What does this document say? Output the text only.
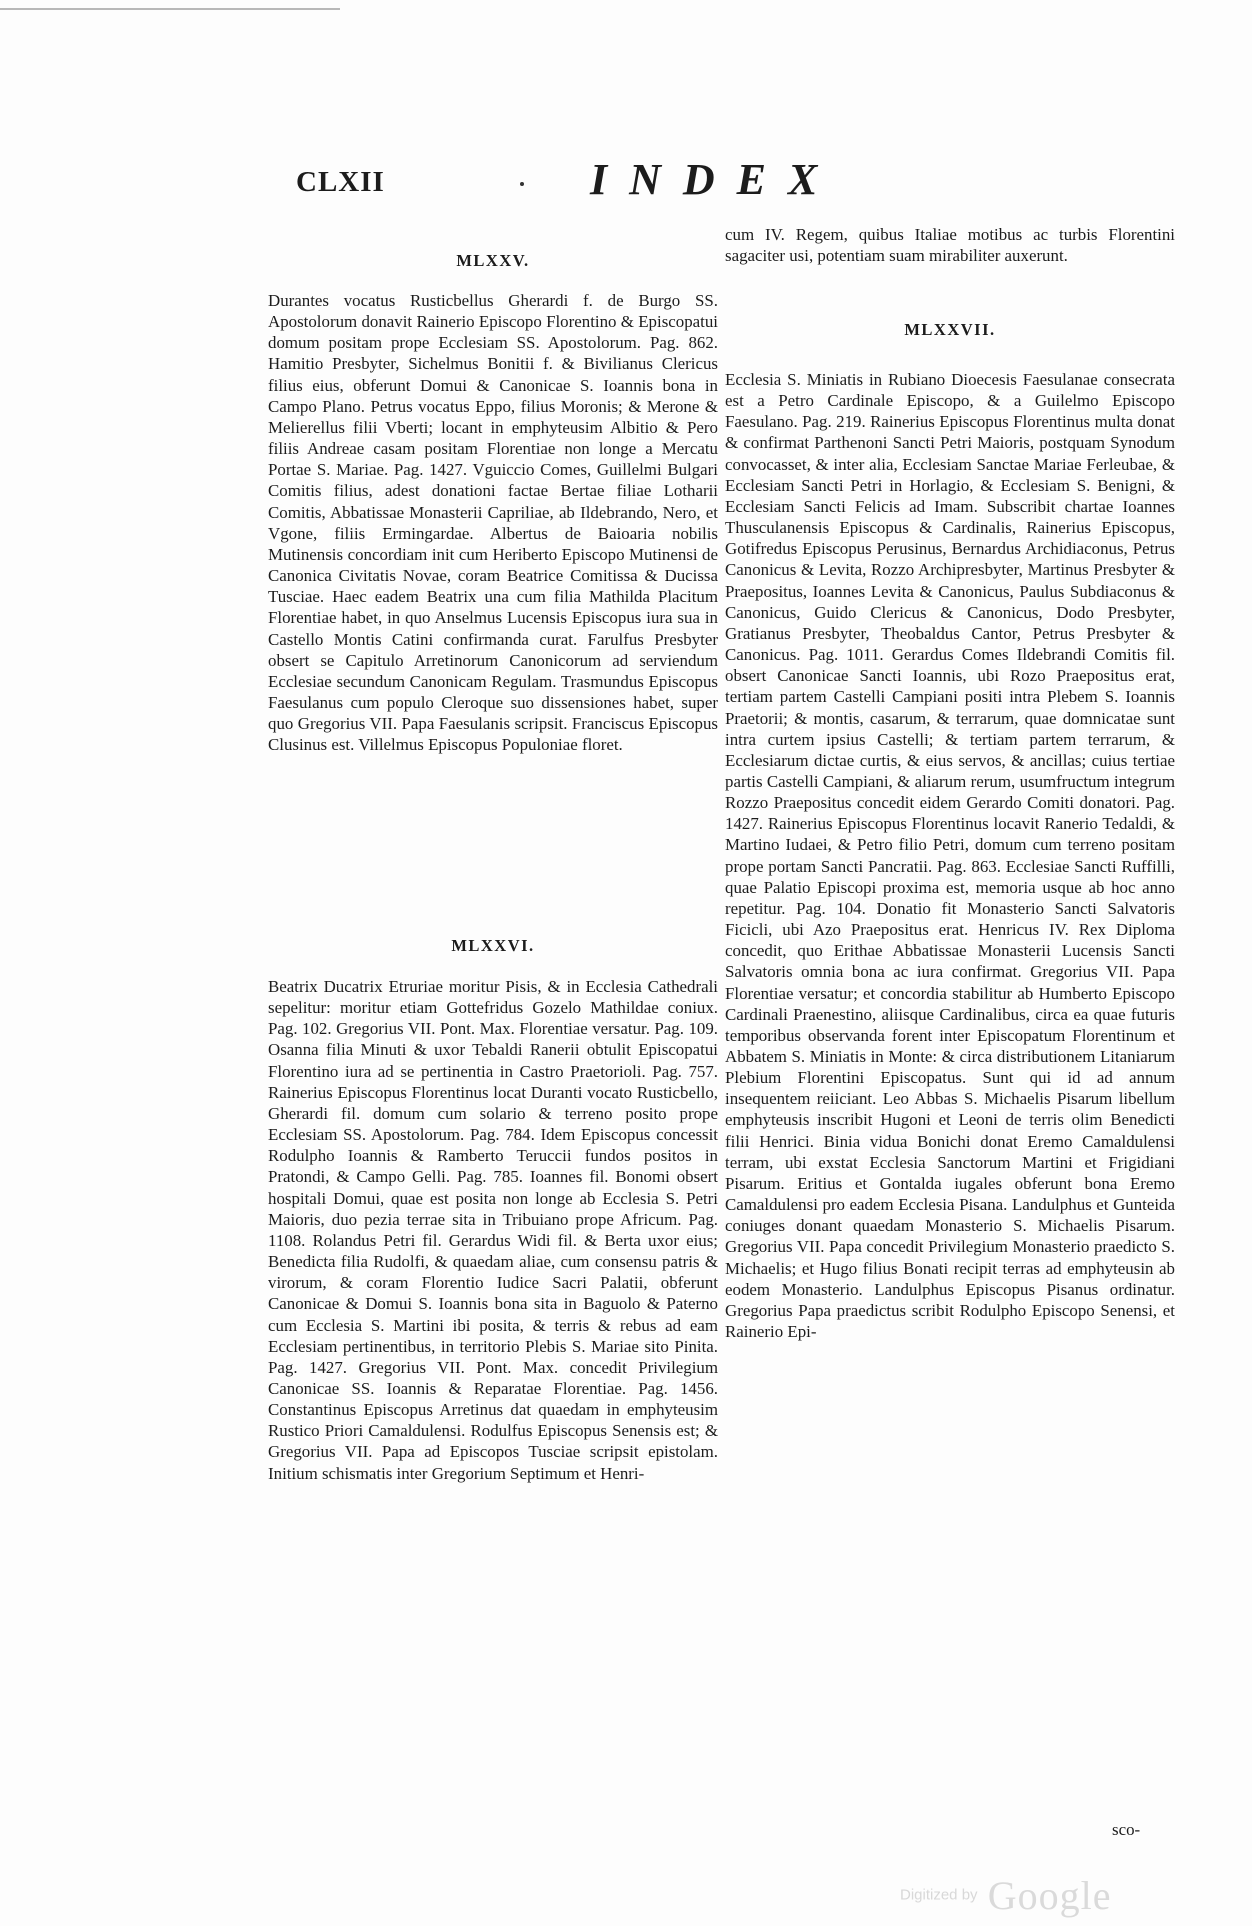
CLXII	INDEX
MLXXV.
Durantes vocatus Rusticbellus Gherardi f. de Burgo SS. Apostolorum donavit Rainerio Episcopo Florentino & Episcopatui domum positam prope Ecclesiam SS. Apostolorum. Pag. 862. Hamitio Presbyter, Sichelmus Bonitii f. & Bivilianus Clericus filius eius, obferunt Domui & Canonicae S. Ioannis bona in Campo Plano. Petrus vocatus Eppo, filius Moronis; & Merone & Melierellus filii Vberti; locant in emphyteusim Albitio & Pero filiis Andreae casam positam Florentiae non longe a Mercatu Portae S. Mariae. Pag. 1427. Vguiccio Comes, Guillelmi Bulgari Comitis filius, adest donationi factae Bertae filiae Lotharii Comitis, Abbatissae Monasterii Capriliae, ab Ildebrando, Nero, et Vgone, filiis Ermingardae. Albertus de Baioaria nobilis Mutinensis concordiam init cum Heriberto Episcopo Mutinensi de Canonica Civitatis Novae, coram Beatrice Comitissa & Ducissa Tusciae. Haec eadem Beatrix una cum filia Mathilda Placitum Florentiae habet, in quo Anselmus Lucensis Episcopus iura sua in Castello Montis Catini confirmanda curat. Farulfus Presbyter obsert se Capitulo Arretinorum Canonicorum ad serviendum Ecclesiae secundum Canonicam Regulam. Trasmundus Episcopus Faesulanus cum populo Cleroque suo dissensiones habet, super quo Gregorius VII. Papa Faesulanis scripsit. Franciscus Episcopus Clusinus est. Villelmus Episcopus Populoniae floret.
MLXXVI.
Beatrix Ducatrix Etruriae moritur Pisis, & in Ecclesia Cathedrali sepelitur: moritur etiam Gottefridus Gozelo Mathildae coniux. Pag. 102. Gregorius VII. Pont. Max. Florentiae versatur. Pag. 109. Osanna filia Minuti & uxor Tebaldi Ranerii obtulit Episcopatui Florentino iura ad se pertinentia in Castro Praetorioli. Pag. 757. Rainerius Episcopus Florentinus locat Duranti vocato Rusticbello, Gherardi fil. domum cum solario & terreno posito prope Ecclesiam SS. Apostolorum. Pag. 784. Idem Episcopus concessit Rodulpho Ioannis & Ramberto Teruccii fundos positos in Pratondi, & Campo Gelli. Pag. 785. Ioannes fil. Bonomi obsert hospitali Domui, quae est posita non longe ab Ecclesia S. Petri Maioris, duo pezia terrae sita in Tribuiano prope Africum. Pag. 1108. Rolandus Petri fil. Gerardus Widi fil. & Berta uxor eius; Benedicta filia Rudolfi, & quaedam aliae, cum consensu patris & virorum, & coram Florentio Iudice Sacri Palatii, obferunt Canonicae & Domui S. Ioannis bona sita in Baguolo & Paterno cum Ecclesia S. Martini ibi posita, & terris & rebus ad eam Ecclesiam pertinentibus, in territorio Plebis S. Mariae sito Pinita. Pag. 1427. Gregorius VII. Pont. Max. concedit Privilegium Canonicae SS. Ioannis & Reparatae Florentiae. Pag. 1456. Constantinus Episcopus Arretinus dat quaedam in emphyteusim Rustico Priori Camaldulensi. Rodulfus Episcopus Senensis est; & Gregorius VII. Papa ad Episcopos Tusciae scripsit epistolam. Initium schismatis inter Gregorium Septimum et Henri-
cum IV. Regem, quibus Italiae motibus ac turbis Florentini sagaciter usi, potentiam suam mirabiliter auxerunt.
MLXXVII.
Ecclesia S. Miniatis in Rubiano Dioecesis Faesulanae consecrata est a Petro Cardinale Episcopo, & a Guilelmo Episcopo Faesulano. Pag. 219. Rainerius Episcopus Florentinus multa donat & confirmat Parthenoni Sancti Petri Maioris, postquam Synodum convocasset, & inter alia, Ecclesiam Sanctae Mariae Ferleubae, & Ecclesiam Sancti Petri in Horlagio, & Ecclesiam S. Benigni, & Ecclesiam Sancti Felicis ad Imam. Subscribit chartae Ioannes Thusculanensis Episcopus & Cardinalis, Rainerius Episcopus, Gotifredus Episcopus Perusinus, Bernardus Archidiaconus, Petrus Canonicus & Levita, Rozzo Archipresbyter, Martinus Presbyter & Praepositus, Ioannes Levita & Canonicus, Paulus Subdiaconus & Canonicus, Guido Clericus & Canonicus, Dodo Presbyter, Gratianus Presbyter, Theobaldus Cantor, Petrus Presbyter & Canonicus. Pag. 1011. Gerardus Comes Ildebrandi Comitis fil. obsert Canonicae Sancti Ioannis, ubi Rozo Praepositus erat, tertiam partem Castelli Campiani positi intra Plebem S. Ioannis Praetorii; & montis, casarum, & terrarum, quae domnicatae sunt intra curtem ipsius Castelli; & tertiam partem terrarum, & Ecclesiarum dictae curtis, & eius servos, & ancillas; cuius tertiae partis Castelli Campiani, & aliarum rerum, usumfructum integrum Rozzo Praepositus concedit eidem Gerardo Comiti donatori. Pag. 1427. Rainerius Episcopus Florentinus locavit Ranerio Tedaldi, & Martino Iudaei, & Petro filio Petri, domum cum terreno positam prope portam Sancti Pancratii. Pag. 863. Ecclesiae Sancti Ruffilli, quae Palatio Episcopi proxima est, memoria usque ab hoc anno repetitur. Pag. 104. Donatio fit Monasterio Sancti Salvatoris Ficicli, ubi Azo Praepositus erat. Henricus IV. Rex Diploma concedit, quo Erithae Abbatissae Monasterii Lucensis Sancti Salvatoris omnia bona ac iura confirmat. Gregorius VII. Papa Florentiae versatur; et concordia stabilitur ab Humberto Episcopo Cardinali Praenestino, aliisque Cardinalibus, circa ea quae futuris temporibus observanda forent inter Episcopatum Florentinum et Abbatem S. Miniatis in Monte: & circa distributionem Litaniarum Plebium Florentini Episcopatus. Sunt qui id ad annum insequentem reiiciant. Leo Abbas S. Michaelis Pisarum libellum emphyteusis inscribit Hugoni et Leoni de terris olim Benedicti filii Henrici. Binia vidua Bonichi donat Eremo Camaldulensi terram, ubi exstat Ecclesia Sanctorum Martini et Frigidiani Pisarum. Eritius et Gontalda iugales obferunt bona Eremo Camaldulensi pro eadem Ecclesia Pisana. Landulphus et Gunteida coniuges donant quaedam Monasterio S. Michaelis Pisarum. Gregorius VII. Papa concedit Privilegium Monasterio praedicto S. Michaelis; et Hugo filius Bonati recipit terras ad emphyteusin ab eodem Monasterio. Landulphus Episcopus Pisanus ordinatur. Gregorius Papa praedictus scribit Rodulpho Episcopo Senensi, et Rainerio Epi-
sco-
Digitized by Google
